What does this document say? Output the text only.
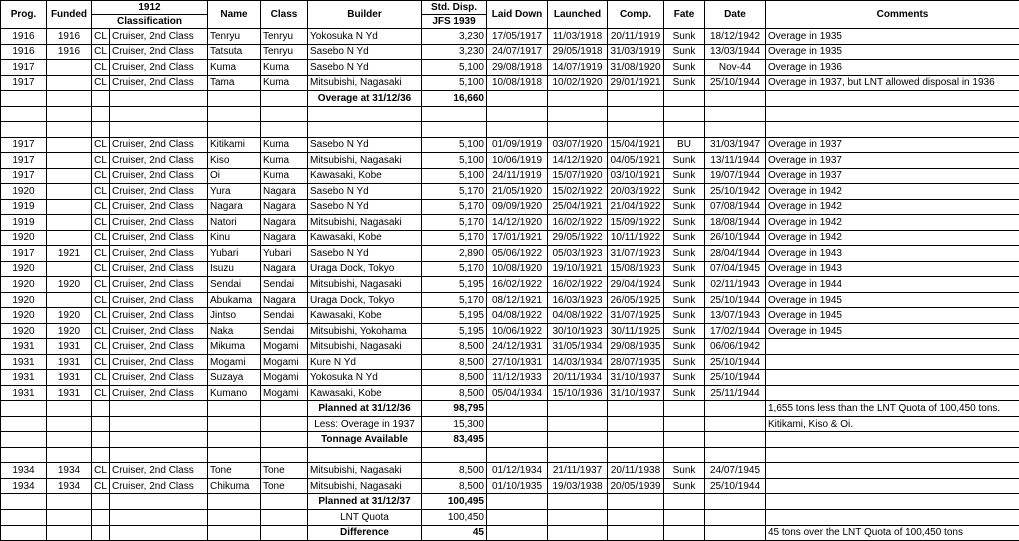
Prog.	Funded	1912		Name	Class	Builder	Std. Disp.	Laid Down	Launched	Comp.	Fate	Date	Comments
		Classification					JFS 1939						
1916	1916	CL	Cruiser, 2nd Class	Tenryu	Tenryu	Yokosuka N Yd	3,230	17/05/1917	11/03/1918	20/11/1919	Sunk	18/12/1942	Overage in 1935
1916	1916	CL	Cruiser, 2nd Class	Tatsuta	Tenryu	Sasebo N Yd	3,230	24/07/1917	29/05/1918	31/03/1919	Sunk	13/03/1944	Overage in 1935
1917		CL	Cruiser, 2nd Class	Kuma	Kuma	Sasebo N Yd	5,100	29/08/1918	14/07/1919	31/08/1920	Sunk	Nov-44	Overage in 1936
1917		CL	Cruiser, 2nd Class	Tama	Kuma	Mitsubishi, Nagasaki	5,100	10/08/1918	10/02/1920	29/01/1921	Sunk	25/10/1944	Overage in 1937, but LNT allowed disposal in 1936
						Overage at 31/12/36	16,660						

1917		CL	Cruiser, 2nd Class	Kitikami	Kuma	Sasebo N Yd	5,100	01/09/1919	03/07/1920	15/04/1921	BU	31/03/1947	Overage in 1937
1917		CL	Cruiser, 2nd Class	Kiso	Kuma	Mitsubishi, Nagasaki	5,100	10/06/1919	14/12/1920	04/05/1921	Sunk	13/11/1944	Overage in 1937
1917		CL	Cruiser, 2nd Class	Oi	Kuma	Kawasaki, Kobe	5,100	24/11/1919	15/07/1920	03/10/1921	Sunk	19/07/1944	Overage in 1937
1920		CL	Cruiser, 2nd Class	Yura	Nagara	Sasebo N Yd	5,170	21/05/1920	15/02/1922	20/03/1922	Sunk	25/10/1942	Overage in 1942
1919		CL	Cruiser, 2nd Class	Nagara	Nagara	Sasebo N Yd	5,170	09/09/1920	25/04/1921	21/04/1922	Sunk	07/08/1944	Overage in 1942
1919		CL	Cruiser, 2nd Class	Natori	Nagara	Mitsubishi, Nagasaki	5,170	14/12/1920	16/02/1922	15/09/1922	Sunk	18/08/1944	Overage in 1942
1920		CL	Cruiser, 2nd Class	Kinu	Nagara	Kawasaki, Kobe	5,170	17/01/1921	29/05/1922	10/11/1922	Sunk	26/10/1944	Overage in 1942
1917	1921	CL	Cruiser, 2nd Class	Yubari	Yubari	Sasebo N Yd	2,890	05/06/1922	05/03/1923	31/07/1923	Sunk	28/04/1944	Overage in 1943
1920		CL	Cruiser, 2nd Class	Isuzu	Nagara	Uraga Dock, Tokyo	5,170	10/08/1920	19/10/1921	15/08/1923	Sunk	07/04/1945	Overage in 1943
1920	1920	CL	Cruiser, 2nd Class	Sendai	Sendai	Mitsubishi, Nagasaki	5,195	16/02/1922	16/02/1922	29/04/1924	Sunk	02/11/1943	Overage in 1944
1920		CL	Cruiser, 2nd Class	Abukama	Nagara	Uraga Dock, Tokyo	5,170	08/12/1921	16/03/1923	26/05/1925	Sunk	25/10/1944	Overage in 1945
1920	1920	CL	Cruiser, 2nd Class	Jintso	Sendai	Kawasaki, Kobe	5,195	04/08/1922	04/08/1922	31/07/1925	Sunk	13/07/1943	Overage in 1945
1920	1920	CL	Cruiser, 2nd Class	Naka	Sendai	Mitsubishi, Yokohama	5,195	10/06/1922	30/10/1923	30/11/1925	Sunk	17/02/1944	Overage in 1945
1931	1931	CL	Cruiser, 2nd Class	Mikuma	Mogami	Mitsubishi, Nagasaki	8,500	24/12/1931	31/05/1934	29/08/1935	Sunk	06/06/1942	
1931	1931	CL	Cruiser, 2nd Class	Mogami	Mogami	Kure N Yd	8,500	27/10/1931	14/03/1934	28/07/1935	Sunk	25/10/1944	
1931	1931	CL	Cruiser, 2nd Class	Suzaya	Mogami	Yokosuka N Yd	8,500	11/12/1933	20/11/1934	31/10/1937	Sunk	25/10/1944	
1931	1931	CL	Cruiser, 2nd Class	Kumano	Mogami	Kawasaki, Kobe	8,500	05/04/1934	15/10/1936	31/10/1937	Sunk	25/11/1944	
						Planned at 31/12/36	98,795						1,655 tons less than the LNT Quota of 100,450 tons.
						Less: Overage in 1937	15,300						Kitikami, Kiso & Oi.
						Tonnage Available	83,495						

1934	1934	CL	Cruiser, 2nd Class	Tone	Tone	Mitsubishi, Nagasaki	8,500	01/12/1934	21/11/1937	20/11/1938	Sunk	24/07/1945	
1934	1934	CL	Cruiser, 2nd Class	Chikuma	Tone	Mitsubishi, Nagasaki	8,500	01/10/1935	19/03/1938	20/05/1939	Sunk	25/10/1944	
						Planned at 31/12/37	100,495						
						LNT Quota	100,450						
						Difference	45						45 tons over the LNT Quota of 100,450 tons
